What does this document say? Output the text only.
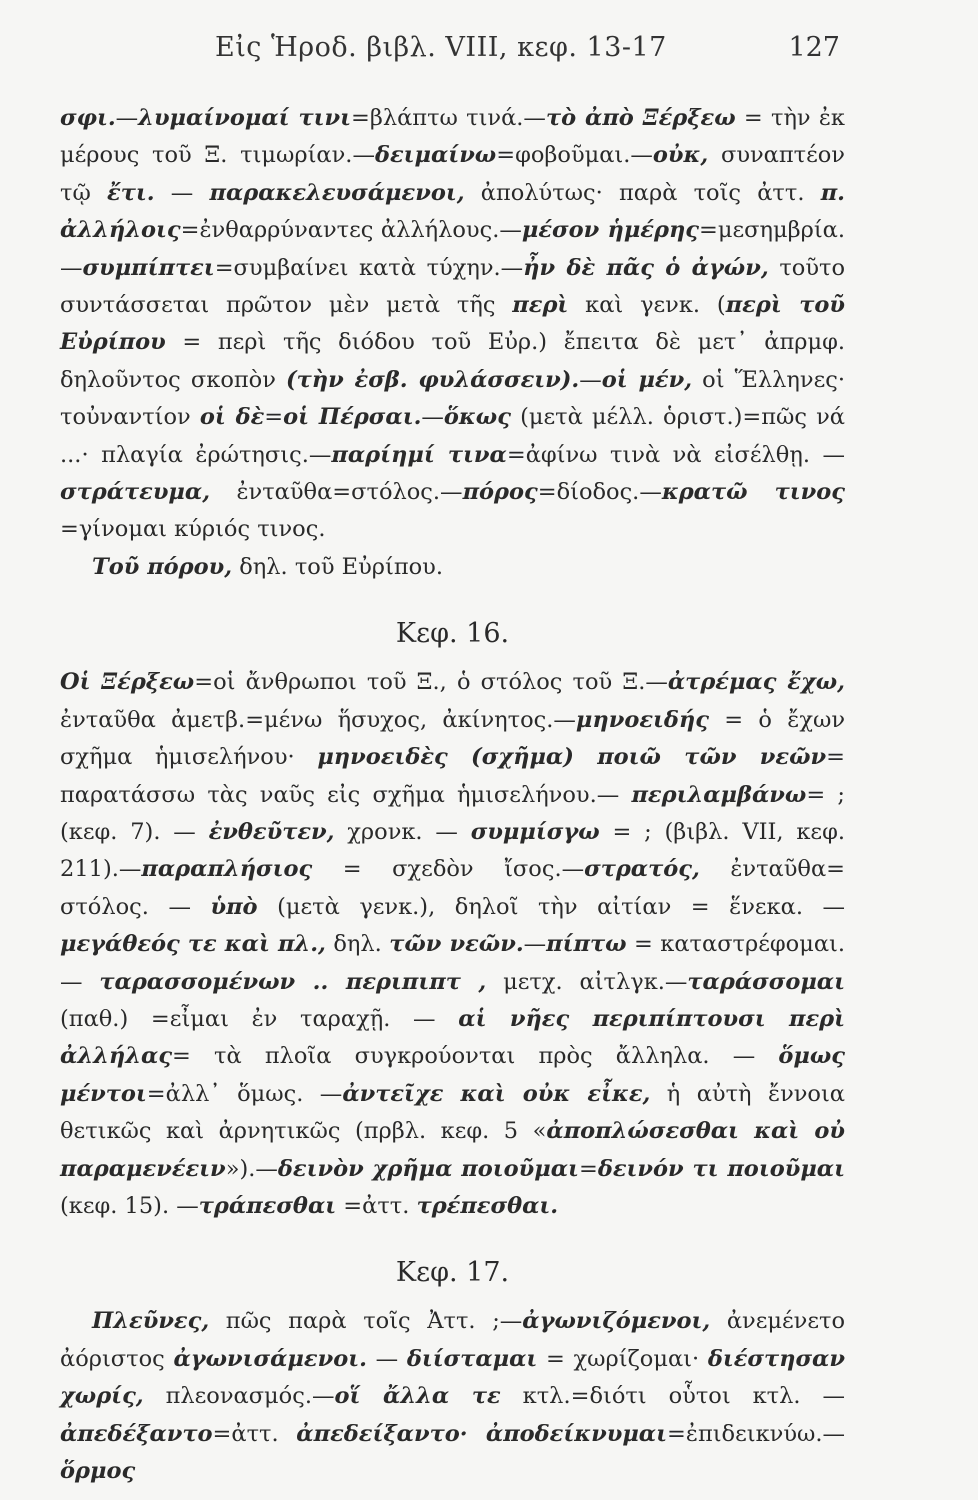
Εἰς Ἡροδ. βιβλ. VIII, κεφ. 13-17	127

σφι.—λυμαίνομαί τινι=βλάπτω τινά.—τὸ ἀπὸ Ξέρξεω = τὴν ἐκ μέρους τοῦ Ξ. τιμωρίαν.—δειμαίνω=φοβοῦμαι.—οὐκ, συναπτέον τῷ ἔτι. — παρακελευσάμενοι, ἀπολύτως· παρὰ τοῖς ἀττ. π. ἀλλήλοις=ἐνθαρρύναντες ἀλλήλους.—μέσον ἡμέρης=μεσημβρία.—συμπίπτει=συμβαίνει κατὰ τύχην.—ἦν δὲ πᾶς ὁ ἀγών, τοῦτο συντάσσεται πρῶτον μὲν μετὰ τῆς περὶ καὶ γενκ. (περὶ τοῦ Εὐρίπου = περὶ τῆς διόδου τοῦ Εὐρ.) ἔπειτα δὲ μετ᾽ ἀπρμφ. δηλοῦντος σκοπὸν (τὴν ἐσβ. φυλάσσειν).—οἱ μέν, οἱ Ἕλληνες· τοὐναντίον οἱ δὲ=οἱ Πέρσαι.—ὅκως (μετὰ μέλλ. ὁριστ.)=πῶς νά ...· πλαγία ἐρώτησις.—παρίημί τινα=ἀφίνω τινὰ νὰ εἰσέλθῃ. —στράτευμα, ἐνταῦθα=στόλος.—πόρος=δίοδος.—κρατῶ τινος =γίνομαι κύριός τινος.

Τοῦ πόρου, δηλ. τοῦ Εὐρίπου.

Κεφ. 16.

Οἱ Ξέρξεω=οἱ ἄνθρωποι τοῦ Ξ., ὁ στόλος τοῦ Ξ.—ἀτρέμας ἔχω, ἐνταῦθα ἀμετβ.=μένω ἥσυχος, ἀκίνητος.—μηνοειδής = ὁ ἔχων σχῆμα ἡμισελήνου· μηνοειδὲς (σχῆμα) ποιῶ τῶν νεῶν= παρατάσσω τὰς ναῦς εἰς σχῆμα ἡμισελήνου.— περιλαμβάνω= ; (κεφ. 7). — ἐνθεῦτεν, χρονκ. — συμμίσγω = ; (βιβλ. VII, κεφ. 211).—παραπλήσιος = σχεδὸν ἴσος.—στρατός, ἐνταῦθα= στόλος. — ὑπὸ (μετὰ γενκ.), δηλοῖ τὴν αἰτίαν = ἕνεκα. — μεγάθεός τε καὶ πλ., δηλ. τῶν νεῶν.—πίπτω = καταστρέφομαι.— ταρασσομένων .. περιπιπτ , μετχ. αἰτλγκ.—ταράσσομαι (παθ.) =εἶμαι ἐν ταραχῇ. — αἱ νῆες περιπίπτουσι περὶ ἀλλήλας= τὰ πλοῖα συγκρούονται πρὸς ἄλληλα. — ὅμως μέντοι=ἀλλ᾽ ὅμως. —ἀντεῖχε καὶ οὐκ εἶκε, ἡ αὐτὴ ἔννοια θετικῶς καὶ ἀρνητικῶς (πρβλ. κεφ. 5 «ἀποπλώσεσθαι καὶ οὐ παραμενέειν»).—δεινὸν χρῆμα ποιοῦμαι=δεινόν τι ποιοῦμαι (κεφ. 15). —τράπεσθαι =ἀττ. τρέπεσθαι.

Κεφ. 17.

Πλεῦνες, πῶς παρὰ τοῖς Ἀττ. ;—ἀγωνιζόμενοι, ἀνεμένετο ἀόριστος ἀγωνισάμενοι. — διίσταμαι = χωρίζομαι· διέστησαν χωρίς, πλεονασμός.—οἵ ἄλλα τε κτλ.=διότι οὗτοι κτλ. — ἀπεδέξαντο=ἀττ. ἀπεδείξαντο· ἀποδείκνυμαι=ἐπιδεικνύω.—ὅρμος
